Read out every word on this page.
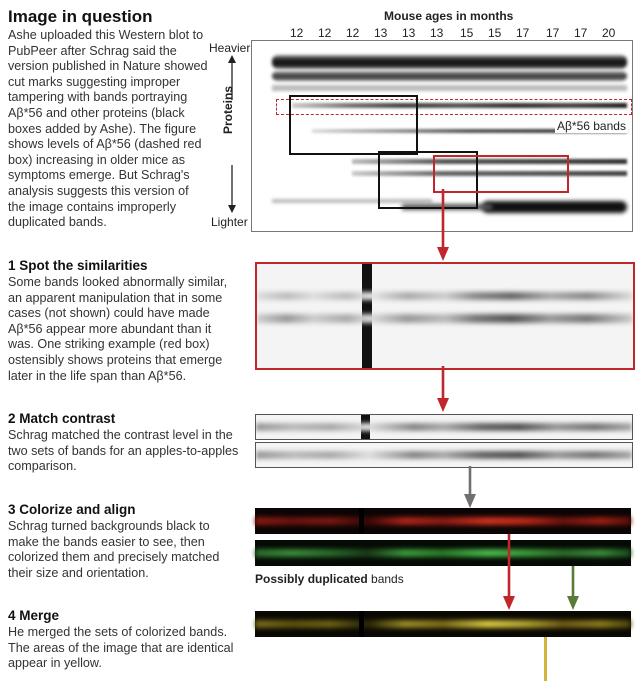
Image in question
Ashe uploaded this Western blot to PubPeer after Schrag said the version published in Nature showed cut marks suggesting improper tampering with bands portraying Aβ*56 and other proteins (black boxes added by Ashe). The figure shows levels of Aβ*56 (dashed red box) increasing in older mice as symptoms emerge. But Schrag's analysis suggests this version of the image contains improperly duplicated bands.
Mouse ages in months
12 12 12 13 13 13 15 15 17 17 17 20
Heavier
Lighter
Proteins	Aβ*56 bands
1 Spot the similarities
Some bands looked abnormally similar, an apparent manipulation that in some cases (not shown) could have made Aβ*56 appear more abundant than it was. One striking example (red box) ostensibly shows proteins that emerge later in the life span than Aβ*56.
2 Match contrast
Schrag matched the contrast level in the two sets of bands for an apples-to-apples comparison.
3 Colorize and align
Schrag turned backgrounds black to make the bands easier to see, then colorized them and precisely matched their size and orientation.	Possibly duplicated bands
4 Merge
He merged the sets of colorized bands. The areas of the image that are identical appear in yellow.
